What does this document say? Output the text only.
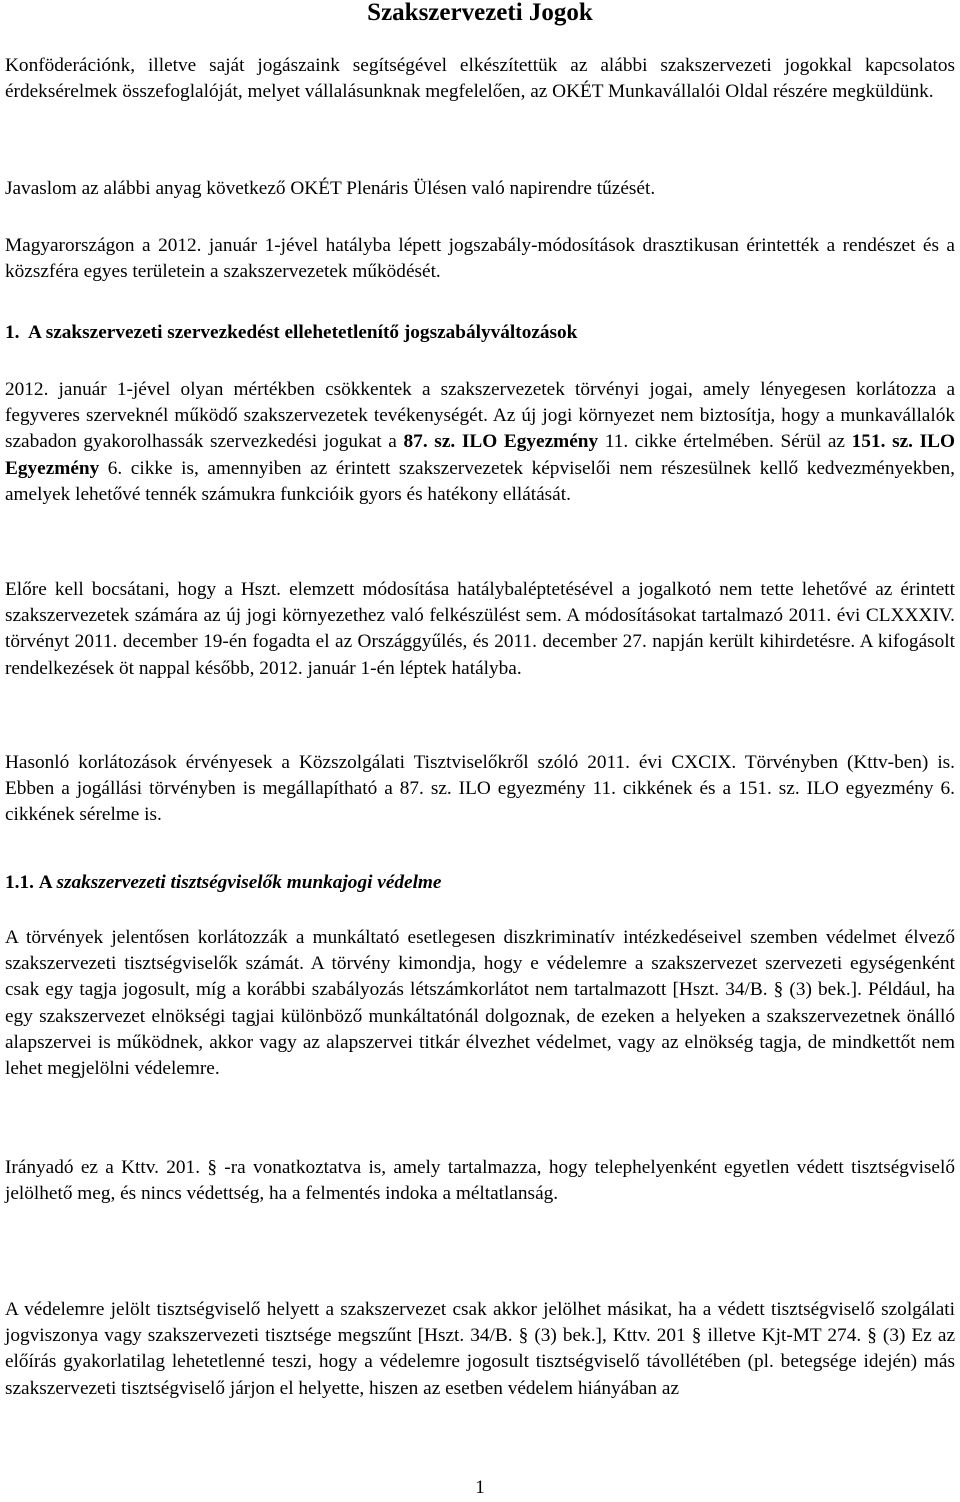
Szakszervezeti Jogok

Konföderációnk, illetve saját jogászaink segítségével elkészítettük az alábbi szakszervezeti jogokkal kapcsolatos érdeksérelmek összefoglalóját, melyet vállalásunknak megfelelően, az OKÉT Munkavállalói Oldal részére megküldünk.

Javaslom az alábbi anyag következő OKÉT Plenáris Ülésen való napirendre tűzését.

Magyarországon a 2012. január 1-jével hatályba lépett jogszabály-módosítások drasztikusan érintették a rendészet és a közszféra egyes területein a szakszervezetek működését.

1. A szakszervezeti szervezkedést ellehetetlenítő jogszabályváltozások

2012. január 1-jével olyan mértékben csökkentek a szakszervezetek törvényi jogai, amely lényegesen korlátozza a fegyveres szerveknél működő szakszervezetek tevékenységét. Az új jogi környezet nem biztosítja, hogy a munkavállalók szabadon gyakorolhassák szervezkedési jogukat a 87. sz. ILO Egyezmény 11. cikke értelmében. Sérül az 151. sz. ILO Egyezmény 6. cikke is, amennyiben az érintett szakszervezetek képviselői nem részesülnek kellő kedvezményekben, amelyek lehetővé tennék számukra funkcióik gyors és hatékony ellátását.

Előre kell bocsátani, hogy a Hszt. elemzett módosítása hatálybaléptetésével a jogalkotó nem tette lehetővé az érintett szakszervezetek számára az új jogi környezethez való felkészülést sem. A módosításokat tartalmazó 2011. évi CLXXXIV. törvényt 2011. december 19-én fogadta el az Országgyűlés, és 2011. december 27. napján került kihirdetésre. A kifogásolt rendelkezések öt nappal később, 2012. január 1-én léptek hatályba.

Hasonló korlátozások érvényesek a Közszolgálati Tisztviselőkről szóló 2011. évi CXCIX. Törvényben (Kttv-ben) is. Ebben a jogállási törvényben is megállapítható a 87. sz. ILO egyezmény 11. cikkének és a 151. sz. ILO egyezmény 6. cikkének sérelme is.

1.1. A szakszervezeti tisztségviselők munkajogi védelme

A törvények jelentősen korlátozzák a munkáltató esetlegesen diszkriminatív intézkedéseivel szemben védelmet élvező szakszervezeti tisztségviselők számát. A törvény kimondja, hogy e védelemre a szakszervezet szervezeti egységenként csak egy tagja jogosult, míg a korábbi szabályozás létszámkorlátot nem tartalmazott [Hszt. 34/B. § (3) bek.]. Például, ha egy szakszervezet elnökségi tagjai különböző munkáltatónál dolgoznak, de ezeken a helyeken a szakszervezetnek önálló alapszervei is működnek, akkor vagy az alapszervei titkár élvezhet védelmet, vagy az elnökség tagja, de mindkettőt nem lehet megjelölni védelemre.

Irányadó ez a Kttv. 201. § -ra vonatkoztatva is, amely tartalmazza, hogy telephelyenként egyetlen védett tisztségviselő jelölhető meg, és nincs védettség, ha a felmentés indoka a méltatlanság.

A védelemre jelölt tisztségviselő helyett a szakszervezet csak akkor jelölhet másikat, ha a védett tisztségviselő szolgálati jogviszonya vagy szakszervezeti tisztsége megszűnt [Hszt. 34/B. § (3) bek.], Kttv. 201 § illetve Kjt-MT 274. § (3) Ez az előírás gyakorlatilag lehetetlenné teszi, hogy a védelemre jogosult tisztségviselő távollétében (pl. betegsége idején) más szakszervezeti tisztségviselő járjon el helyette, hiszen az esetben védelem hiányában az

1
